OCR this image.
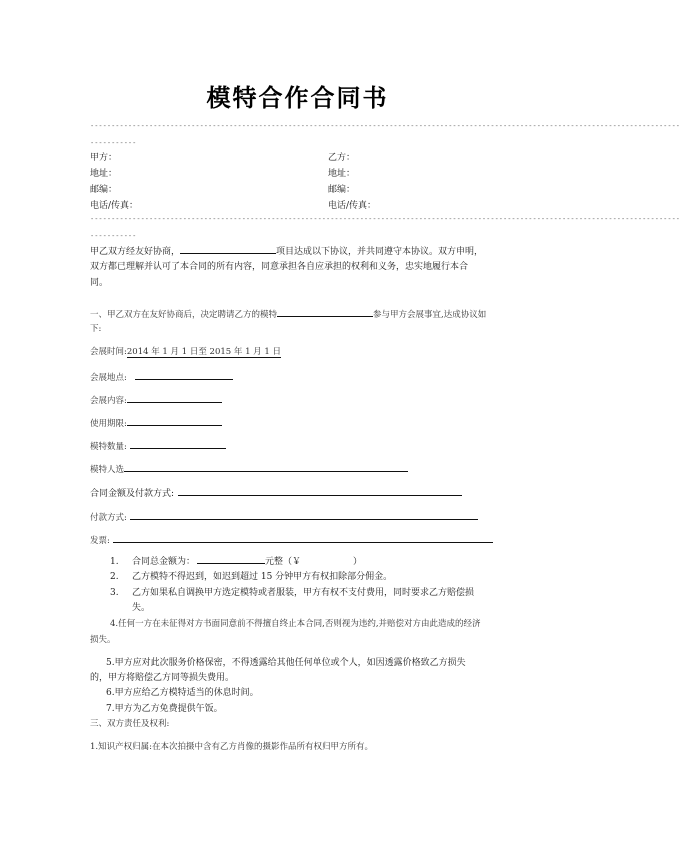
模特合作合同书
--------------------------------------------------------------------------------------------------------------------------------------------
-----------
甲方：	乙方：
地址：	地址：
邮编：	邮编：
电话/传真：	电话/传真：
--------------------------------------------------------------------------------------------------------------------------------------------
-----------
甲乙双方经友好协商，	项目达成以下协议，并共同遵守本协议。双方申明，
双方都已理解并认可了本合同的所有内容，同意承担各自应承担的权利和义务，忠实地履行本合
同。
一、甲乙双方在友好协商后，决定聘请乙方的模特	参与甲方会展事宜,达成协议如
下:
会展时间:2014 年 1 月 1 日至 2015 年 1 月 1 日
会展地点:
会展内容:
使用期限:
模特数量:
模特人选
合同金额及付款方式:
付款方式:
发票:
1. 合同总金额为：	元整（￥	）
2. 乙方模特不得迟到，如迟到超过 15 分钟甲方有权扣除部分佣金。
3. 乙方如果私自调换甲方选定模特或者服装，甲方有权不支付费用，同时要求乙方赔偿损
失。
4.任何一方在未征得对方书面同意前不得擅自终止本合同,否则视为违约,并赔偿对方由此造成的经济
损失。
5.甲方应对此次服务价格保密，不得透露给其他任何单位或个人，如因透露价格致乙方损失
的，甲方将赔偿乙方同等损失费用。
6.甲方应给乙方模特适当的休息时间。
7.甲方为乙方免费提供午饭。
三、双方责任及权利:
1.知识产权归属:在本次拍摄中含有乙方肖像的摄影作品所有权归甲方所有。
